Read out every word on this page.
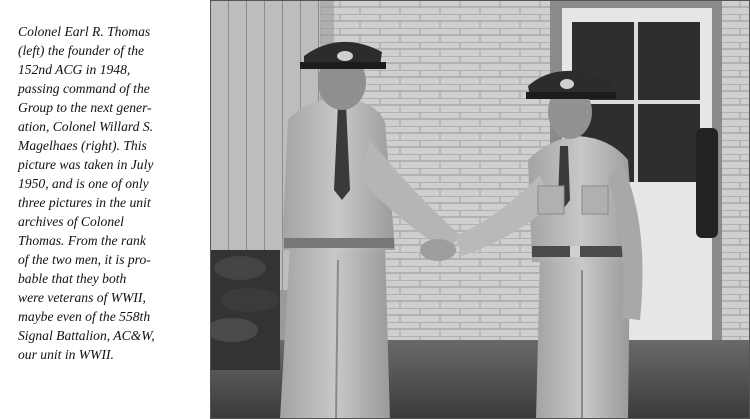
Colonel Earl R. Thomas
(left) the founder of the
152nd ACG in 1948,
passing command of the
Group to the next gener-
ation, Colonel Willard S.
Magelhaes (right). This
picture was taken in July
1950, and is one of only
three pictures in the unit
archives of Colonel
Thomas. From the rank
of the two men, it is pro-
bable that they both
were veterans of WWII,
maybe even of the 558th
Signal Battalion, AC&W,
our unit in WWII.
